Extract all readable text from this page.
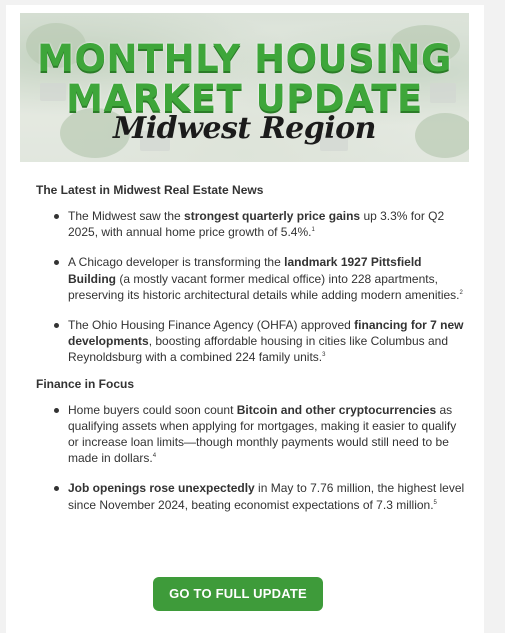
MONTHLY HOUSING
MARKET UPDATE
Midwest Region
The Latest in Midwest Real Estate News
The Midwest saw the strongest quarterly price gains up 3.3% for Q2 2025, with annual home price growth of 5.4%.$^1$
A Chicago developer is transforming the landmark 1927 Pittsfield Building (a mostly vacant former medical office) into 228 apartments, preserving its historic architectural details while adding modern amenities.$^2$
The Ohio Housing Finance Agency (OHFA) approved financing for 7 new developments, boosting affordable housing in cities like Columbus and Reynoldsburg with a combined 224 family units.$^3$
Finance in Focus
Home buyers could soon count Bitcoin and other cryptocurrencies as qualifying assets when applying for mortgages, making it easier to qualify or increase loan limits—though monthly payments would still need to be made in dollars.$^4$
Job openings rose unexpectedly in May to 7.76 million, the highest level since November 2024, beating economist expectations of 7.3 million.$^5$
GO TO FULL UPDATE
